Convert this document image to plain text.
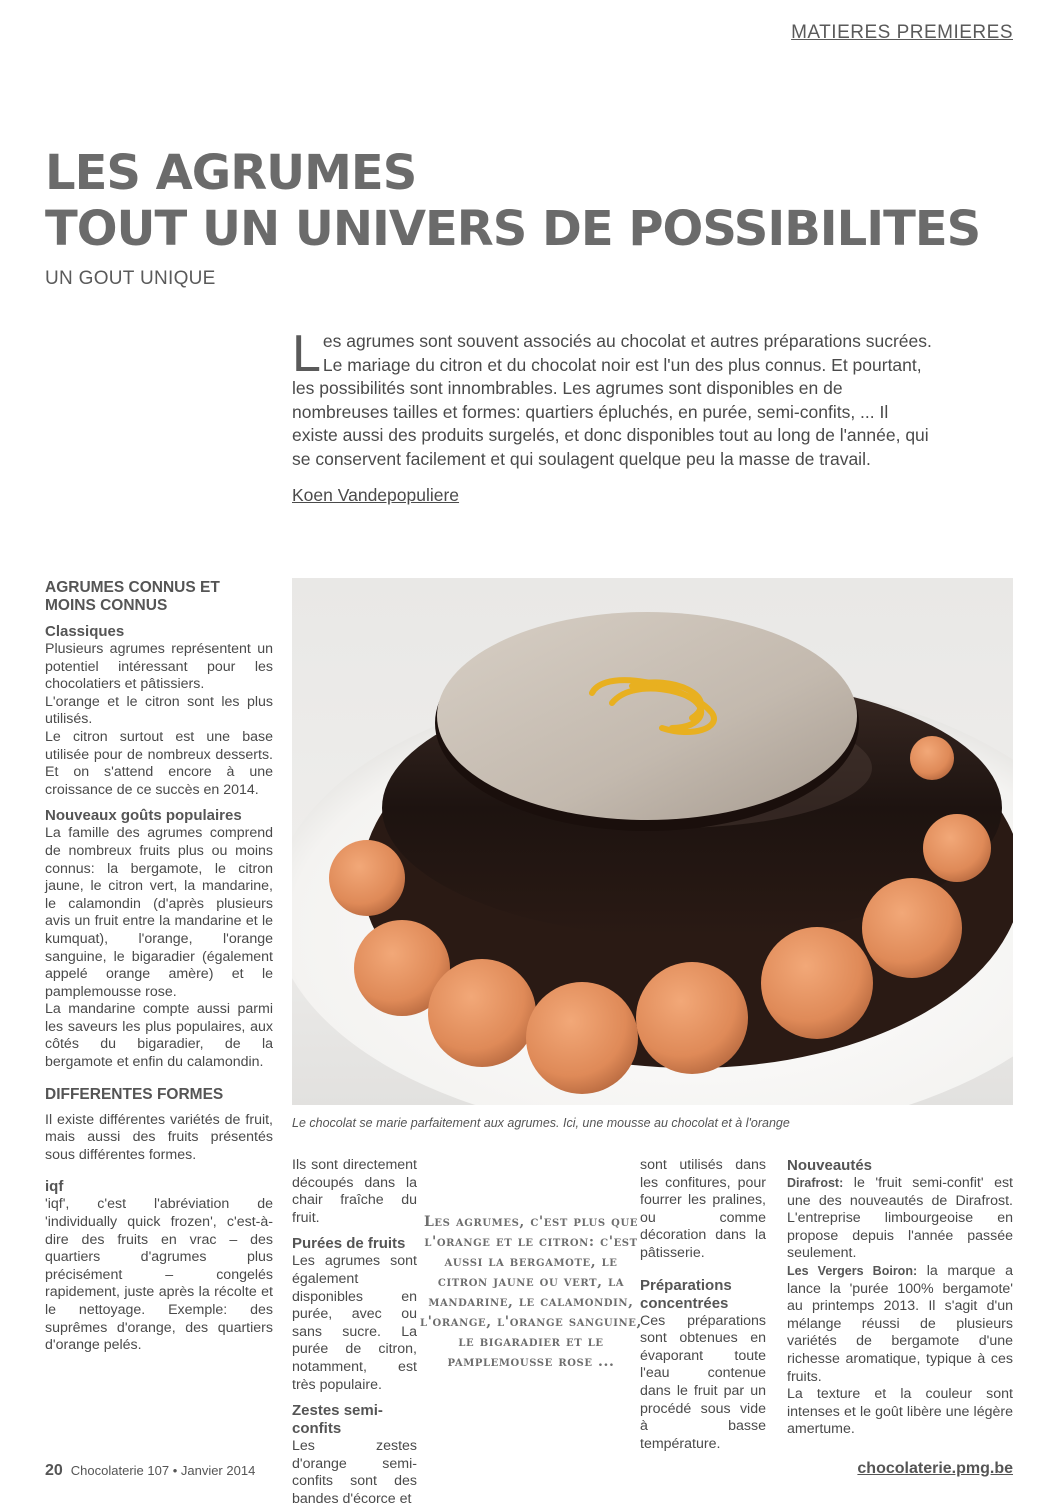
MATIERES PREMIERES
LES AGRUMES
TOUT UN UNIVERS DE POSSIBILITES
UN GOUT UNIQUE

Les agrumes sont souvent associés au chocolat et autres préparations sucrées. Le mariage du citron et du chocolat noir est l'un des plus connus. Et pourtant, les possibilités sont innombrables. Les agrumes sont disponibles en de nombreuses tailles et formes: quartiers épluchés, en purée, semi-confits, ... Il existe aussi des produits surgelés, et donc disponibles tout au long de l'année, qui se conservent facilement et qui soulagent quelque peu la masse de travail.

Koen Vandepopuliere
AGRUMES CONNUS ET MOINS CONNUS
Classiques

Plusieurs agrumes représentent un potentiel intéressant pour les chocolatiers et pâtissiers.

L'orange et le citron sont les plus utilisés.

Le citron surtout est une base utilisée pour de nombreux desserts. Et on s'attend encore à une croissance de ce succès en 2014.

Nouveaux goûts populaires

La famille des agrumes comprend de nombreux fruits plus ou moins connus: la bergamote, le citron jaune, le citron vert, la mandarine, le calamondin (d'après plusieurs avis un fruit entre la mandarine et le kumquat), l'orange, l'orange sanguine, le bigaradier (également appelé orange amère) et le pamplemousse rose.

La mandarine compte aussi parmi les saveurs les plus populaires, aux côtés du bigaradier, de la bergamote et enfin du calamondin.

DIFFERENTES FORMES

Il existe différentes variétés de fruit, mais aussi des fruits présentés sous différentes formes.

iqf

'iqf', c'est l'abréviation de 'individually quick frozen', c'est-à-dire des fruits en vrac – des quartiers d'agrumes plus précisément – congelés rapidement, juste après la récolte et le nettoyage. Exemple: des suprêmes d'orange, des quartiers d'orange pelés.

Le chocolat se marie parfaitement aux agrumes. Ici, une mousse au chocolat et à l'orange

Ils sont directement découpés dans la chair fraîche du fruit.

Purées de fruits

Les agrumes sont également disponibles en purée, avec ou sans sucre. La purée de citron, notamment, est très populaire.

Zestes semi-confits

Les zestes d'orange semi-confits sont des bandes d'écorce et

Les agrumes, c'est plus que l'orange et le citron: c'est aussi la bergamote, le citron jaune ou vert, la mandarine, le calamondin, l'orange, l'orange sanguine, le bigaradier et le pamplemousse rose ...

sont utilisés dans les confitures, pour fourrer les pralines, ou comme décoration dans la pâtisserie.

Préparations concentrées

Ces préparations sont obtenues en évaporant toute l'eau contenue dans le fruit par un procédé sous vide à basse température.

Nouveautés

Dirafrost: le 'fruit semi-confit' est une des nouveautés de Dirafrost. L'entreprise limbourgeoise en propose depuis l'année passée seulement.

Les Vergers Boiron: la marque a lance la 'purée 100% bergamote' au printemps 2013. Il s'agit d'un mélange réussi de plusieurs variétés de bergamote d'une richesse aromatique, typique à ces fruits.

La texture et la couleur sont intenses et le goût libère une légère amertume.

20 Chocolaterie 107 • Janvier 2014	chocolaterie.pmg.be
